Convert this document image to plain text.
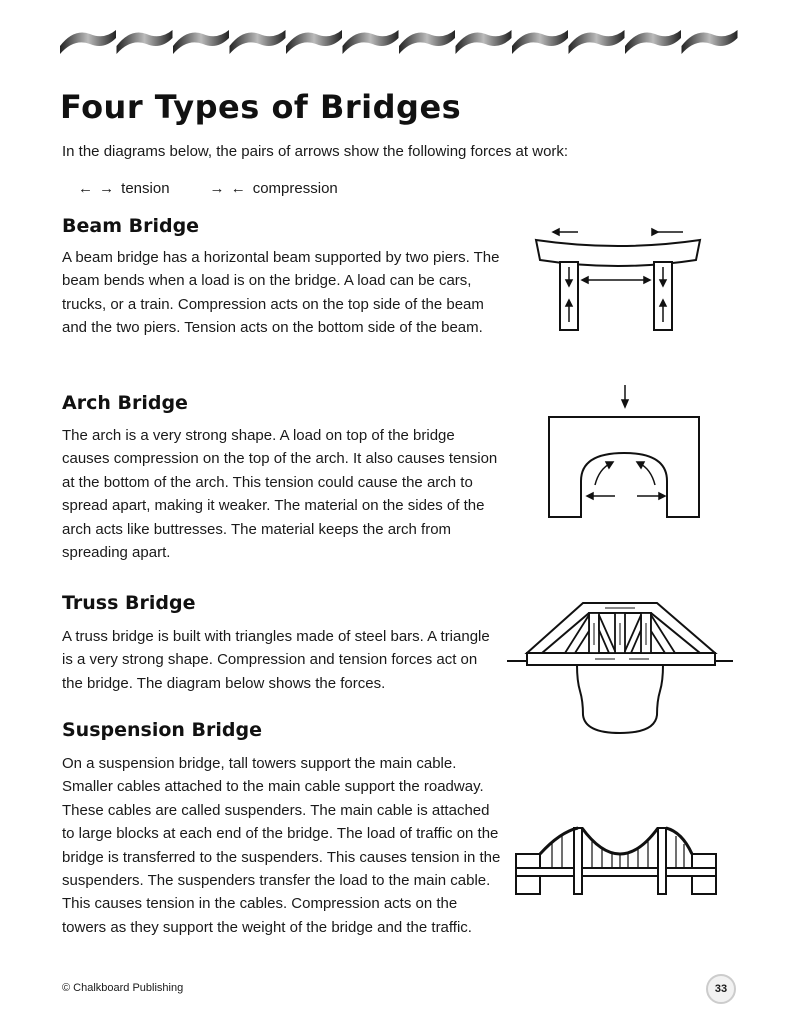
Four Types of Bridges

In the diagrams below, the pairs of arrows show the following forces at work:

← → tension	→ ← compression
Beam Bridge

A beam bridge has a horizontal beam supported by two piers. The beam bends when a load is on the bridge. A load can be cars, trucks, or a train. Compression acts on the top side of the beam and the two piers. Tension acts on the bottom side of the beam.

Arch Bridge

The arch is a very strong shape. A load on top of the bridge causes compression on the top of the arch. It also causes tension at the bottom of the arch. This tension could cause the arch to spread apart, making it weaker. The material on the sides of the arch acts like buttresses. The material keeps the arch from spreading apart.

Truss Bridge

A truss bridge is built with triangles made of steel bars. A triangle is a very strong shape. Compression and tension forces act on the bridge. The diagram below shows the forces.

Suspension Bridge

On a suspension bridge, tall towers support the main cable. Smaller cables attached to the main cable support the roadway. These cables are called suspenders. The main cable is attached to large blocks at each end of the bridge. The load of traffic on the bridge is transferred to the suspenders. This causes tension in the suspenders. The suspenders transfer the load to the main cable. This causes tension in the cables. Compression acts on the towers as they support the weight of the bridge and the traffic.

© Chalkboard Publishing	33
